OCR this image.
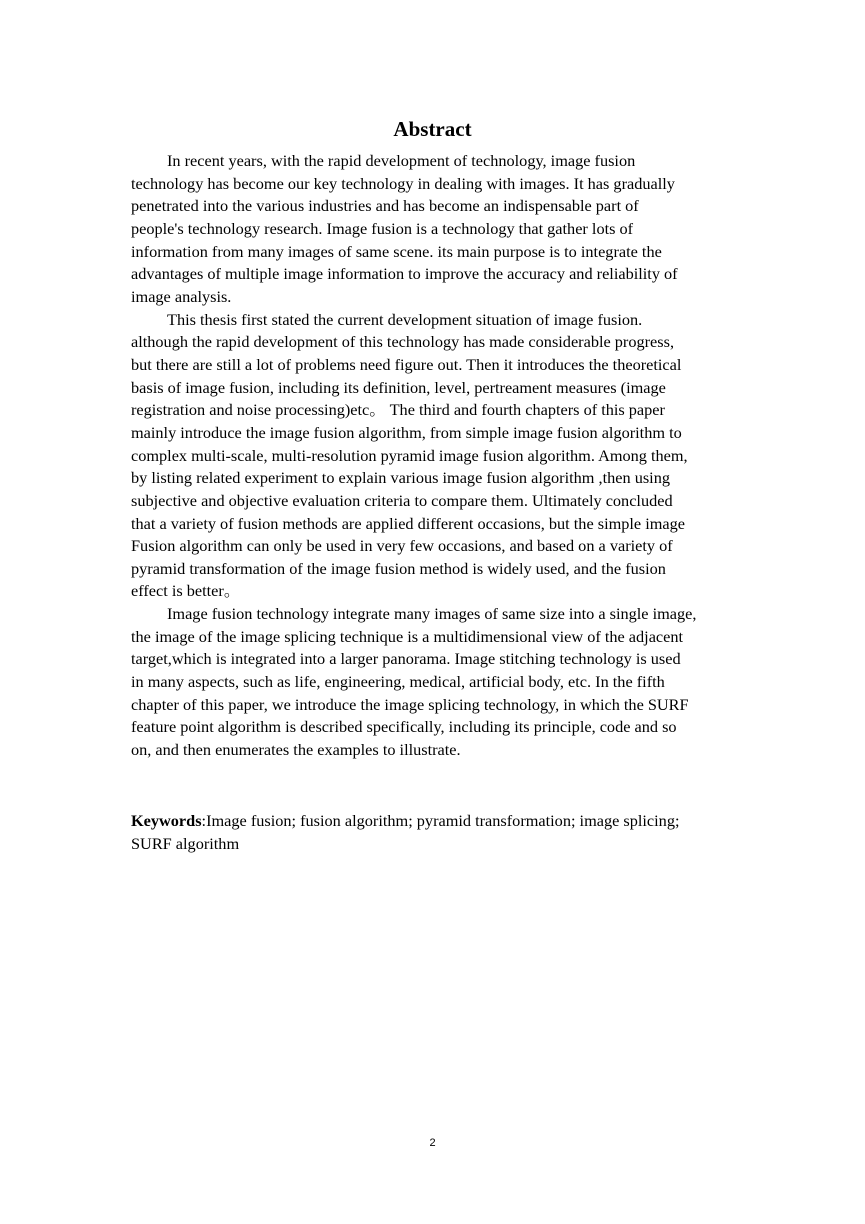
Abstract

In recent years, with the rapid development of technology, image fusion
technology has become our key technology in dealing with images. It has gradually
penetrated into the various industries and has become an indispensable part of
people's technology research. Image fusion is a technology that gather lots of
information from many images of same scene. its main purpose is to integrate the
advantages of multiple image information to improve the accuracy and reliability of
image analysis.

This thesis first stated the current development situation of image fusion.
although the rapid development of this technology has made considerable progress,
but there are still a lot of problems need figure out. Then it introduces the theoretical
basis of image fusion, including its definition, level, pertreament measures (image
registration and noise processing)etc。 The third and fourth chapters of this paper
mainly introduce the image fusion algorithm, from simple image fusion algorithm to
complex multi-scale, multi-resolution pyramid image fusion algorithm. Among them,
by listing related experiment to explain various image fusion algorithm ,then using
subjective and objective evaluation criteria to compare them. Ultimately concluded
that a variety of fusion methods are applied different occasions, but the simple image
Fusion algorithm can only be used in very few occasions, and based on a variety of
pyramid transformation of the image fusion method is widely used, and the fusion
effect is better。

Image fusion technology integrate many images of same size into a single image,
the image of the image splicing technique is a multidimensional view of the adjacent
target,which is integrated into a larger panorama. Image stitching technology is used
in many aspects, such as life, engineering, medical, artificial body, etc. In the fifth
chapter of this paper, we introduce the image splicing technology, in which the SURF
feature point algorithm is described specifically, including its principle, code and so
on, and then enumerates the examples to illustrate.

Keywords:Image fusion; fusion algorithm; pyramid transformation; image splicing;
SURF algorithm
2
